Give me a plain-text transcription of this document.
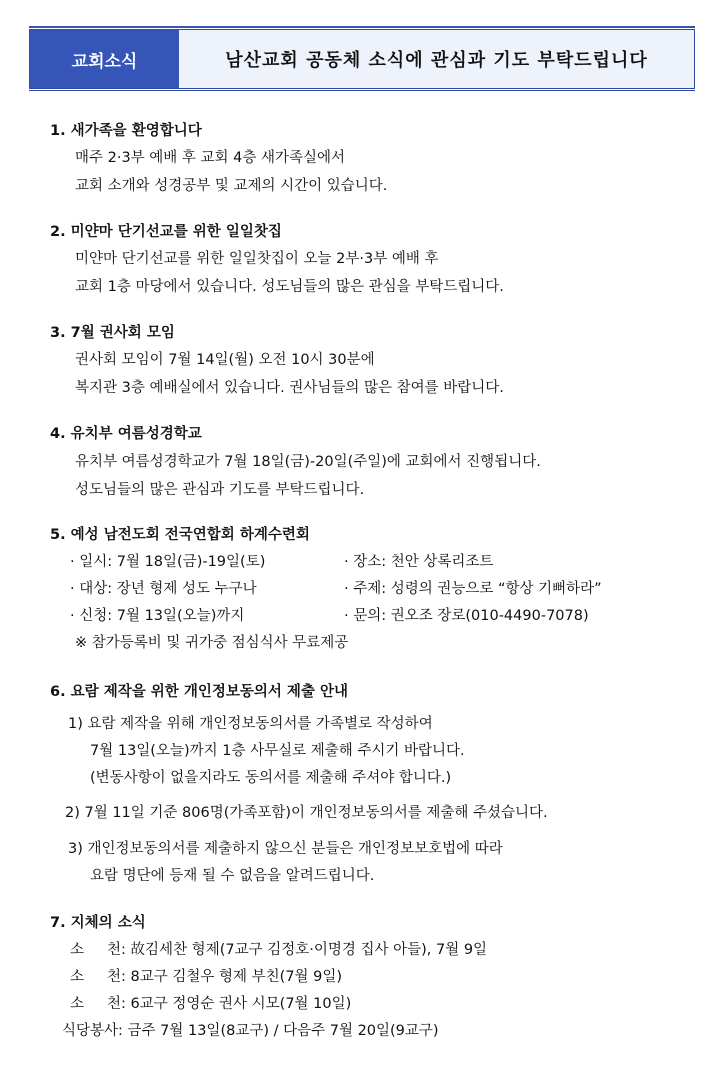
교회소식	남산교회 공동체 소식에 관심과 기도 부탁드립니다
1. 새가족을 환영합니다
매주 2·3부 예배 후 교회 4층 새가족실에서
교회 소개와 성경공부 및 교제의 시간이 있습니다.
2. 미얀마 단기선교를 위한 일일찻집
미얀마 단기선교를 위한 일일찻집이 오늘 2부·3부 예배 후
교회 1층 마당에서 있습니다. 성도님들의 많은 관심을 부탁드립니다.
3. 7월 권사회 모임
권사회 모임이 7월 14일(월) 오전 10시 30분에
복지관 3층 예배실에서 있습니다. 권사님들의 많은 참여를 바랍니다.
4. 유치부 여름성경학교
유치부 여름성경학교가 7월 18일(금)-20일(주일)에 교회에서 진행됩니다.
성도님들의 많은 관심과 기도를 부탁드립니다.
5. 예성 남전도회 전국연합회 하계수련회
· 일시: 7월 18일(금)-19일(토)
· 대상: 장년 형제 성도 누구나
· 신청: 7월 13일(오늘)까지
· 장소: 천안 상록리조트
· 주제: 성령의 권능으로 “항상 기뻐하라”
· 문의: 권오조 장로(010-4490-7078)
※ 참가등록비 및 귀가중 점심식사 무료제공
6. 요람 제작을 위한 개인정보동의서 제출 안내
1) 요람 제작을 위해 개인정보동의서를 가족별로 작성하여
7월 13일(오늘)까지 1층 사무실로 제출해 주시기 바랍니다.
(변동사항이 없을지라도 동의서를 제출해 주셔야 합니다.)
2) 7월 11일 기준 806명(가족포함)이 개인정보동의서를 제출해 주셨습니다.
3) 개인정보동의서를 제출하지 않으신 분들은 개인정보보호법에 따라
요람 명단에 등재 될 수 없음을 알려드립니다.
7. 지체의 소식
소     천: 故김세찬 형제(7교구 김정호·이명경 집사 아들), 7월 9일
소     천: 8교구 김철우 형제 부친(7월 9일)
소     천: 6교구 정영순 권사 시모(7월 10일)
식당봉사: 금주 7월 13일(8교구) / 다음주 7월 20일(9교구)
